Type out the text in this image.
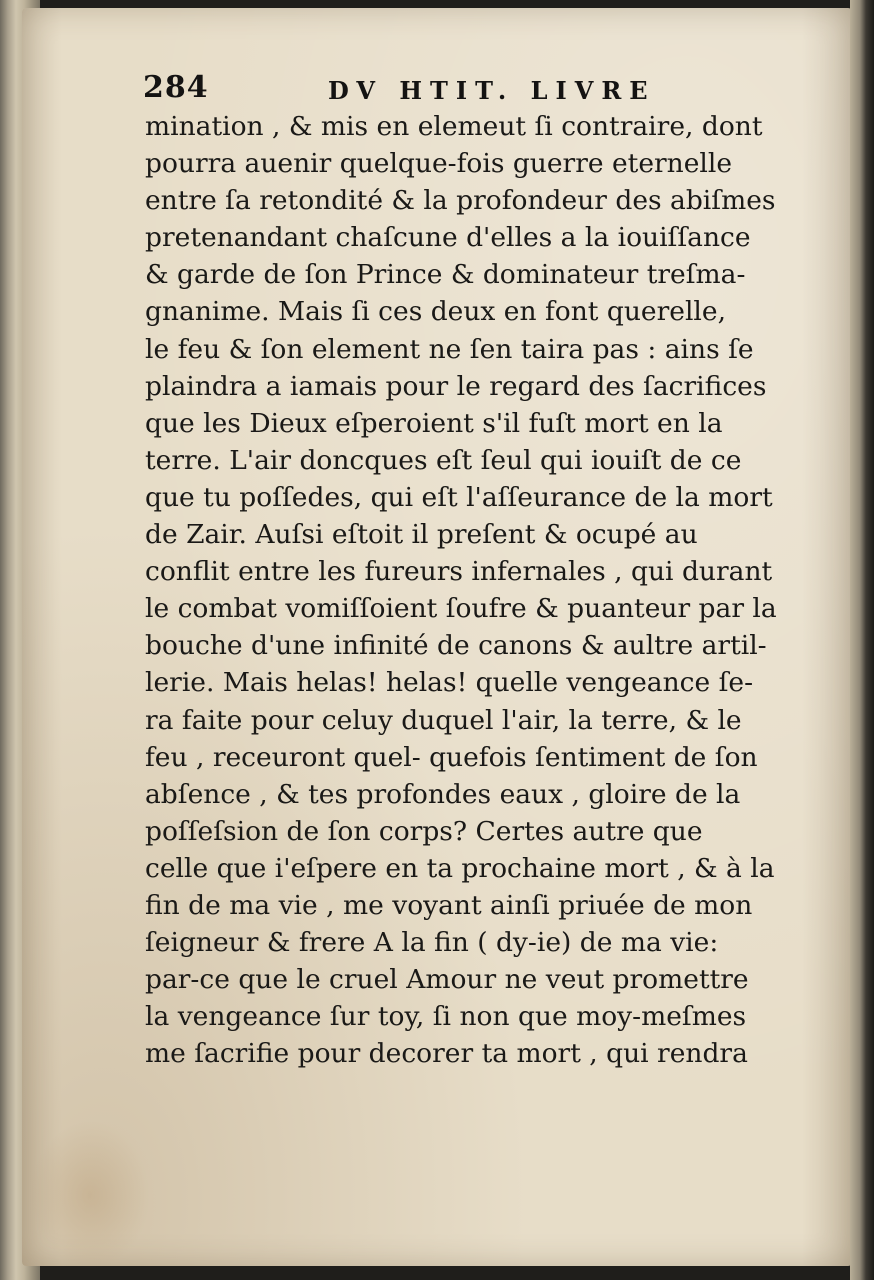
284	DV HTIT. LIVRE
mination , & mis en elemeut ſi contraire, dont
pourra auenir quelque-fois guerre eternelle
entre ſa retondité & la profondeur des abiſmes
pretenandant chaſcune d'elles a la iouiſſance
& garde de ſon Prince & dominateur treſma-
gnanime. Mais ſi ces deux en font querelle,
le feu & ſon element ne ſen taira pas : ains ſe
plaindra a iamais pour le regard des ſacrifices
que les Dieux eſperoient s'il fuſt mort en la
terre. L'air doncques eſt ſeul qui iouiſt de ce
que tu poſſedes, qui eſt l'aſſeurance de la mort
de Zair. Auſsi eſtoit il preſent & ocupé au
conflit entre les fureurs infernales , qui durant
le combat vomiſſoient ſoufre & puanteur par la
bouche d'une infinité de canons & aultre artil-
lerie. Mais helas! helas! quelle vengeance ſe-
ra faite pour celuy duquel l'air, la terre, & le
feu , receuront quel- quefois ſentiment de ſon
abſence , & tes profondes eaux , gloire de la
poſſeſsion de ſon corps? Certes autre que
celle que i'eſpere en ta prochaine mort , & à la
fin de ma vie , me voyant ainſi priuée de mon
ſeigneur & frere A la fin ( dy-ie) de ma vie:
par-ce que le cruel Amour ne veut promettre
la vengeance ſur toy, ſi non que moy-meſmes
me ſacrifie pour decorer ta mort , qui rendra
